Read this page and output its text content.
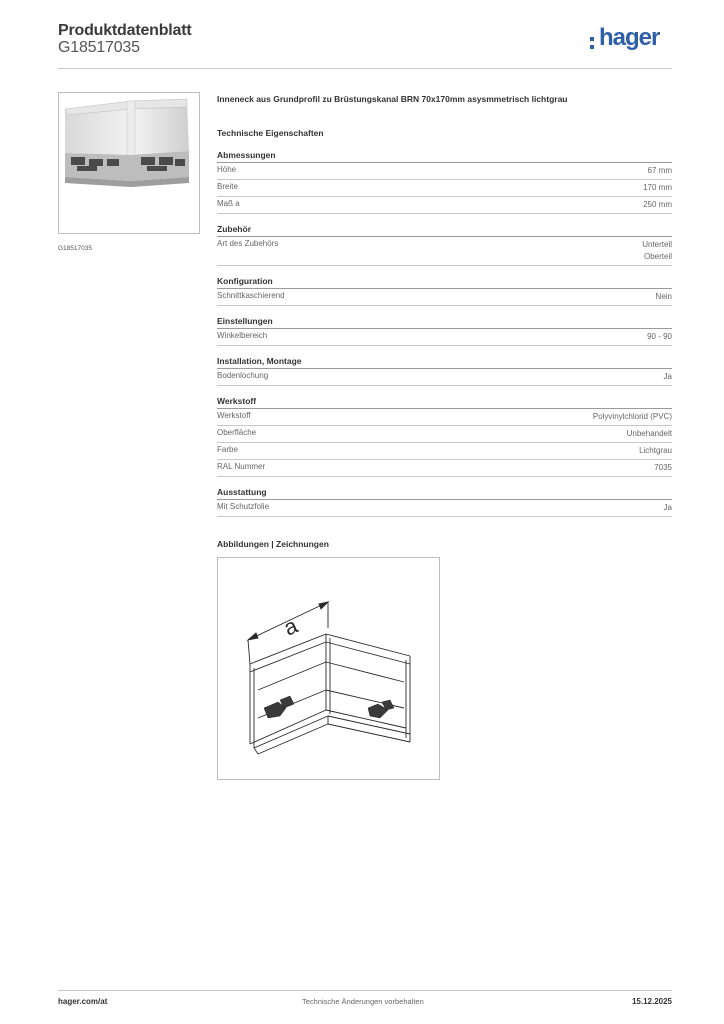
Produktdatenblatt
G18517035	hager
G18517035
Inneneck aus Grundprofil zu Brüstungskanal BRN 70x170mm asysmmetrisch lichtgrau
Technische Eigenschaften
Abmessungen
Höhe	67 mm
Breite	170 mm
Maß a	250 mm
Zubehör
Art des Zubehörs	Unterteil
Oberteil
Konfiguration
Schnittkaschierend	Nein
Einstellungen
Winkelbereich	90 - 90
Installation, Montage
Bodenlochung	Ja
Werkstoff
Werkstoff	Polyvinylchlorid (PVC)
Oberfläche	Unbehandelt
Farbe	Lichtgrau
RAL Nummer	7035
Ausstattung
Mit Schutzfolie	Ja
Abbildungen | Zeichnungen
a
hager.com/at	Technische Änderungen vorbehalten	15.12.2025
